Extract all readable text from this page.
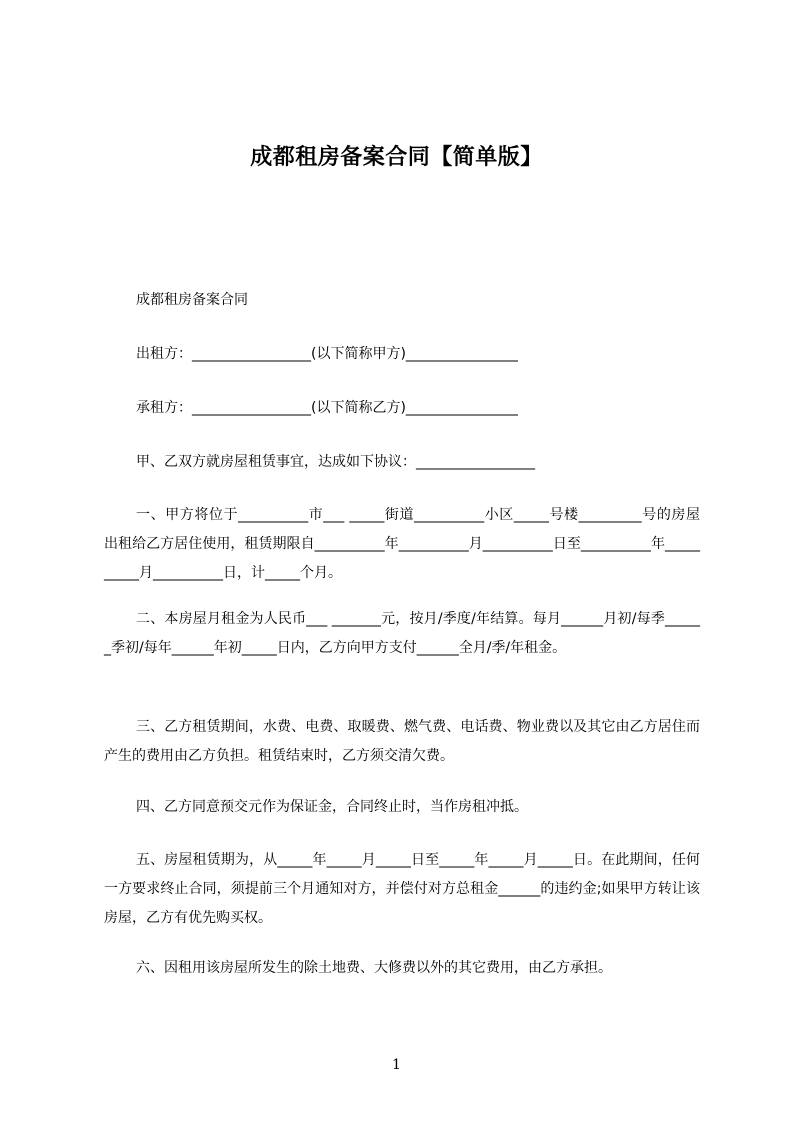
成都租房备案合同【简单版】
成都租房备案合同
出租方：_________________(以下简称甲方)________________
承租方：_________________(以下简称乙方)________________
甲、乙双方就房屋租赁事宜，达成如下协议：_________________
一、甲方将位于__________市___ _____街道__________小区_____号楼_________号的房屋出租给乙方居住使用，租赁期限自__________年__________月__________日至__________年__________月__________日，计_____个月。
二、本房屋月租金为人民币___ _______元，按月/季度/年结算。每月______月初/每季______季初/每年______年初_____日内，乙方向甲方支付______全月/季/年租金。
三、乙方租赁期间，水费、电费、取暖费、燃气费、电话费、物业费以及其它由乙方居住而产生的费用由乙方负担。租赁结束时，乙方须交清欠费。
四、乙方同意预交元作为保证金，合同终止时，当作房租冲抵。
五、房屋租赁期为，从_____年_____月_____日至_____年_____月_____日。在此期间，任何一方要求终止合同，须提前三个月通知对方，并偿付对方总租金______的违约金;如果甲方转让该房屋，乙方有优先购买权。
六、因租用该房屋所发生的除土地费、大修费以外的其它费用，由乙方承担。
1
